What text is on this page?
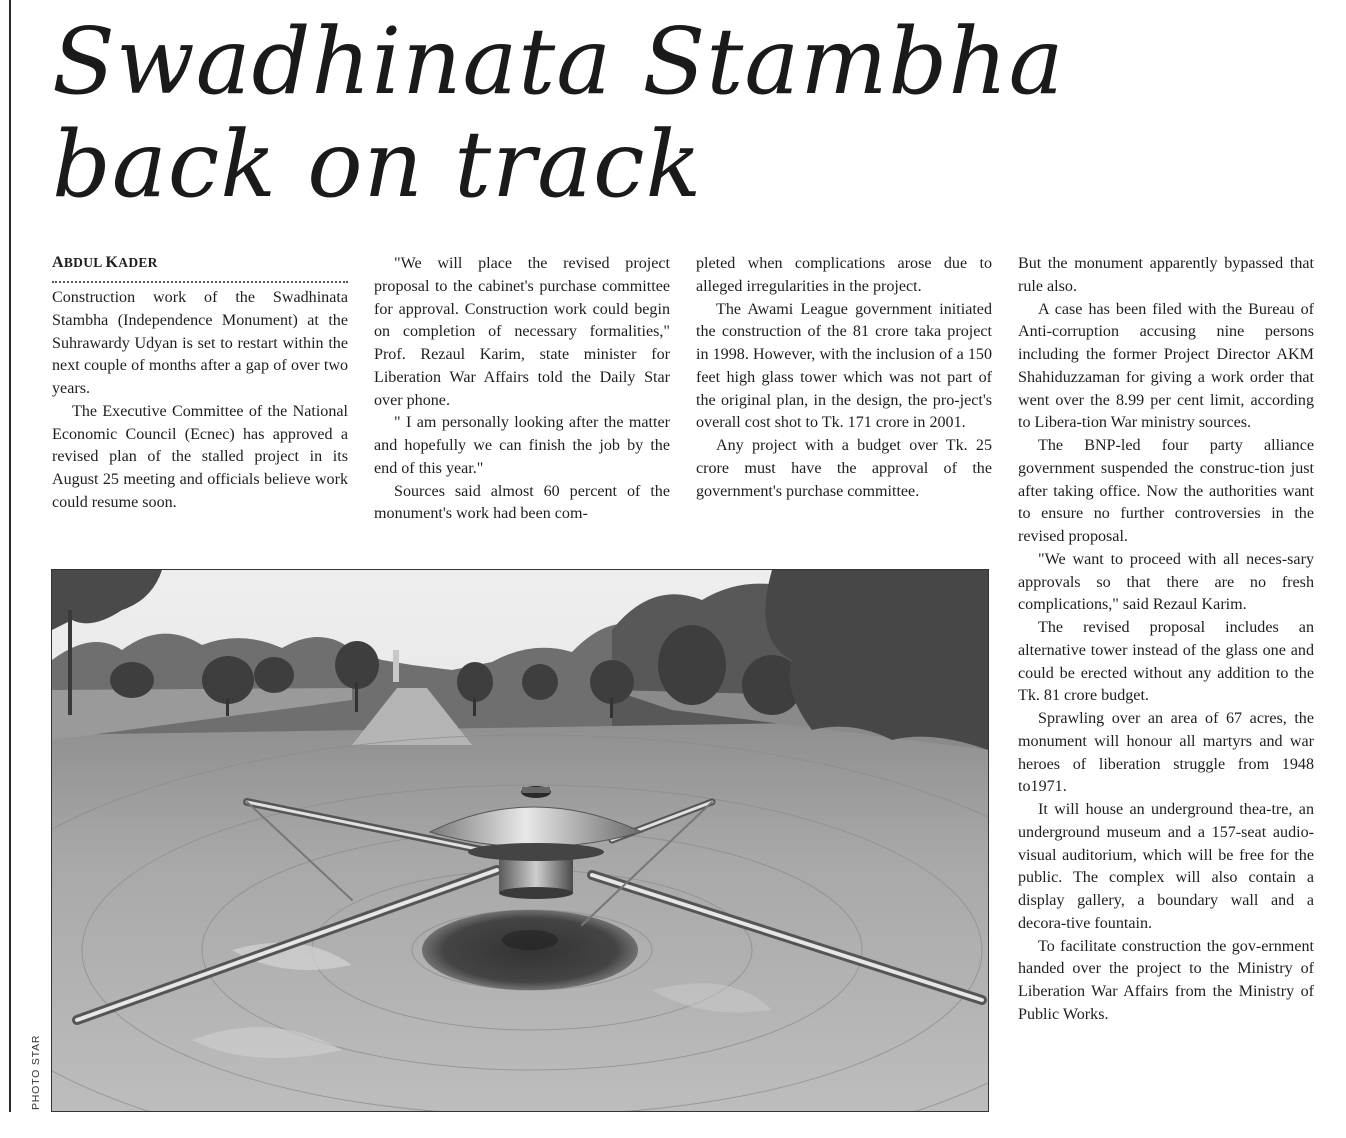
Swadhinata Stambha
back on track
ABDUL KADER

Construction work of the Swadhinata Stambha (Independence Monument) at the Suhrawardy Udyan is set to restart within the next couple of months after a gap of over two years.

The Executive Committee of the National Economic Council (Ecnec) has approved a revised plan of the stalled project in its August 25 meeting and officials believe work could resume soon.

"We will place the revised project proposal to the cabinet's purchase committee for approval. Construction work could begin on completion of necessary formalities," Prof. Rezaul Karim, state minister for Liberation War Affairs told the Daily Star over phone.

" I am personally looking after the matter and hopefully we can finish the job by the end of this year."

Sources said almost 60 percent of the monument's work had been com-

pleted when complications arose due to alleged irregularities in the project.

The Awami League government initiated the construction of the 81 crore taka project in 1998. However, with the inclusion of a 150 feet high glass tower which was not part of the original plan, in the design, the pro-ject's overall cost shot to Tk. 171 crore in 2001.

Any project with a budget over Tk. 25 crore must have the approval of the government's purchase committee.

But the monument apparently bypassed that rule also.

A case has been filed with the Bureau of Anti-corruption accusing nine persons including the former Project Director AKM Shahiduzzaman for giving a work order that went over the 8.99 per cent limit, according to Libera-tion War ministry sources.

The BNP-led four party alliance government suspended the construc-tion just after taking office. Now the authorities want to ensure no further controversies in the revised proposal.

"We want to proceed with all neces-sary approvals so that there are no fresh complications," said Rezaul Karim.

The revised proposal includes an alternative tower instead of the glass one and could be erected without any addition to the Tk. 81 crore budget.

Sprawling over an area of 67 acres, the monument will honour all martyrs and war heroes of liberation struggle from 1948 to1971.

It will house an underground thea-tre, an underground museum and a 157-seat audio-visual auditorium, which will be free for the public. The complex will also contain a display gallery, a boundary wall and a decora-tive fountain.

To facilitate construction the gov-ernment handed over the project to the Ministry of Liberation War Affairs from the Ministry of Public Works.

PHOTO STAR
